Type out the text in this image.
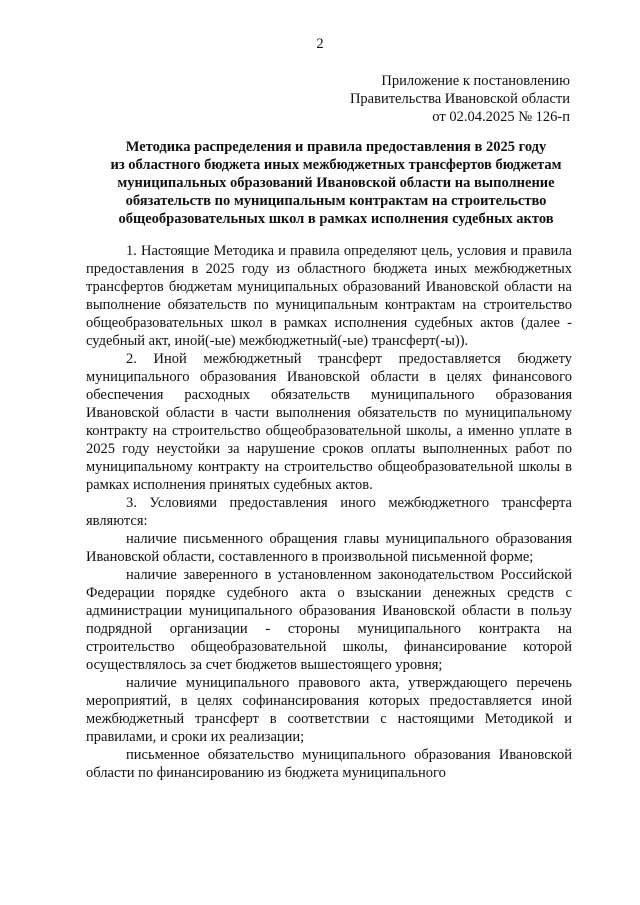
2
Приложение к постановлению
Правительства Ивановской области
от 02.04.2025 № 126-п
Методика распределения и правила предоставления в 2025 году
из областного бюджета иных межбюджетных трансфертов бюджетам
муниципальных образований Ивановской области на выполнение
обязательств по муниципальным контрактам на строительство
общеобразовательных школ в рамках исполнения судебных актов

1. Настоящие Методика и правила определяют цель, условия и правила предоставления в 2025 году из областного бюджета иных межбюджетных трансфертов бюджетам муниципальных образований Ивановской области на выполнение обязательств по муниципальным контрактам на строительство общеобразовательных школ в рамках исполнения судебных актов (далее - судебный акт, иной(-ые) межбюджетный(-ые) трансферт(-ы)).

2. Иной межбюджетный трансферт предоставляется бюджету муниципального образования Ивановской области в целях финансового обеспечения расходных обязательств муниципального образования Ивановской области в части выполнения обязательств по муниципальному контракту на строительство общеобразовательной школы, а именно уплате в 2025 году неустойки за нарушение сроков оплаты выполненных работ по муниципальному контракту на строительство общеобразовательной школы в рамках исполнения принятых судебных актов.

3. Условиями предоставления иного межбюджетного трансферта являются:

наличие письменного обращения главы муниципального образования Ивановской области, составленного в произвольной письменной форме;

наличие заверенного в установленном законодательством Российской Федерации порядке судебного акта о взыскании денежных средств с администрации муниципального образования Ивановской области в пользу подрядной организации - стороны муниципального контракта на строительство общеобразовательной школы, финансирование которой осуществлялось за счет бюджетов вышестоящего уровня;

наличие муниципального правового акта, утверждающего перечень мероприятий, в целях софинансирования которых предоставляется иной межбюджетный трансферт в соответствии с настоящими Методикой и правилами, и сроки их реализации;

письменное обязательство муниципального образования Ивановской области по финансированию из бюджета муниципального
